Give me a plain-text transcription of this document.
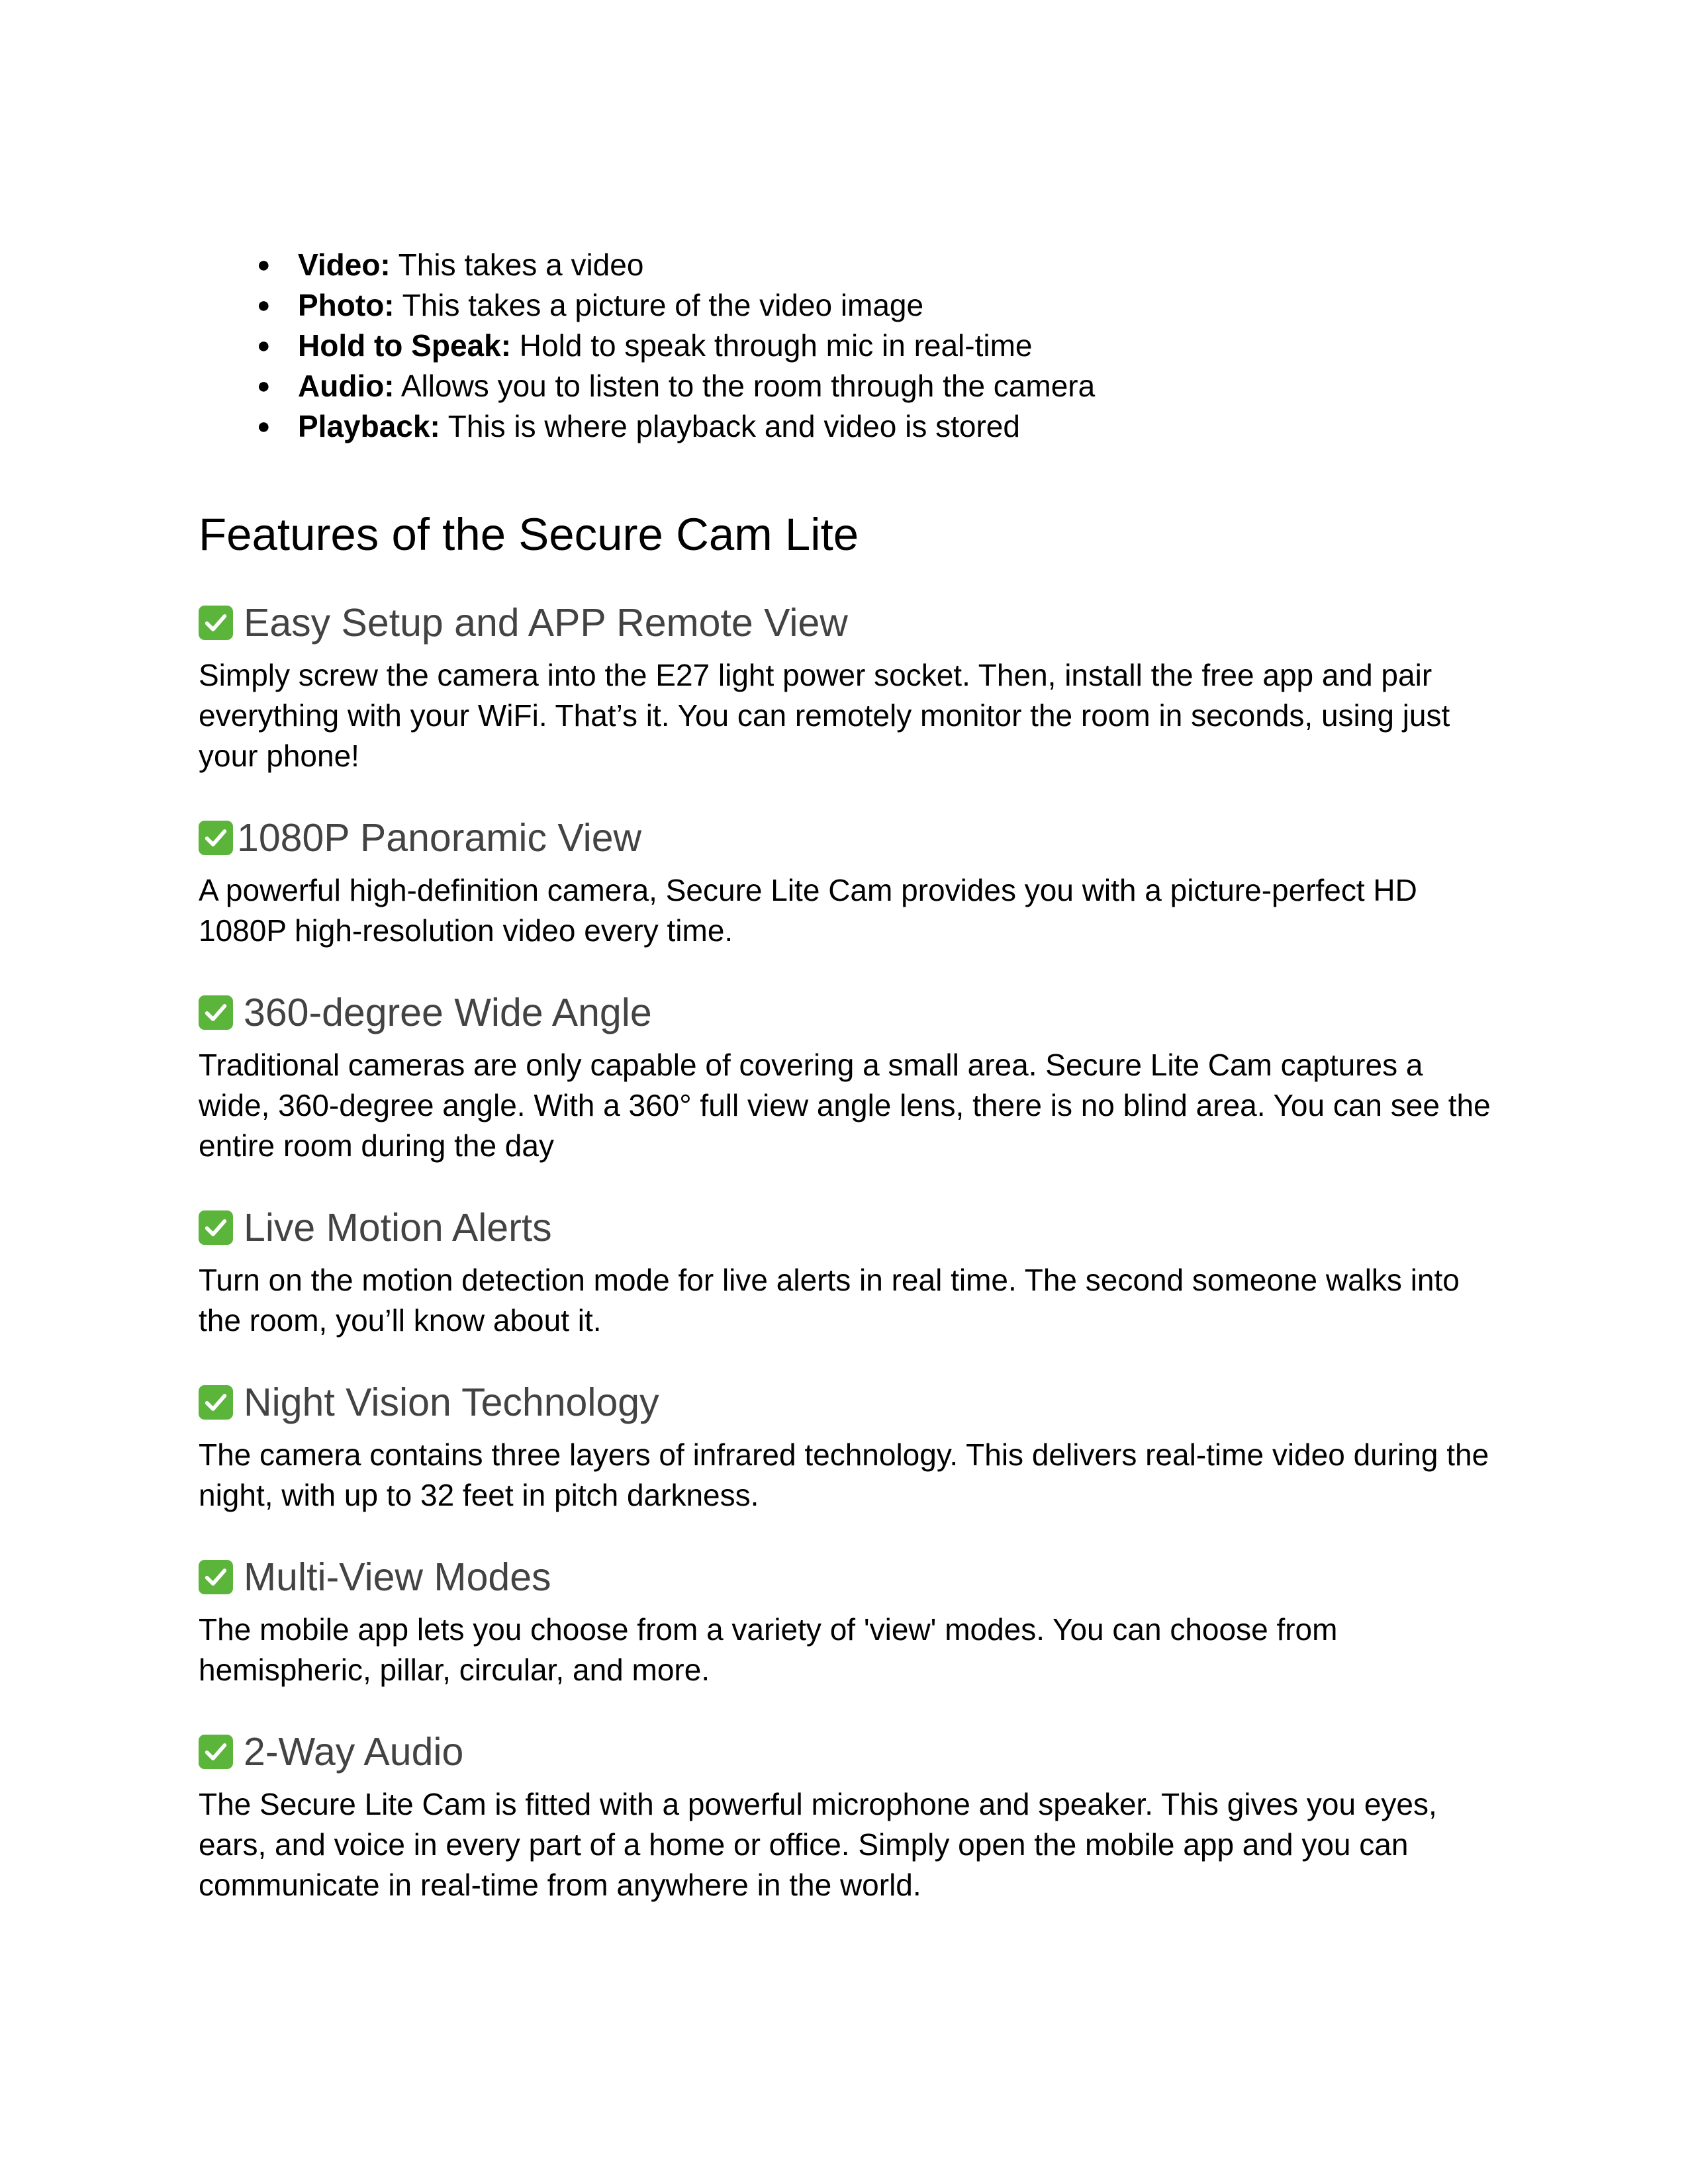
● Video: This takes a video
● Photo: This takes a picture of the video image
● Hold to Speak: Hold to speak through mic in real-time
● Audio: Allows you to listen to the room through the camera
● Playback: This is where playback and video is stored
Features of the Secure Cam Lite
Easy Setup and APP Remote View

Simply screw the camera into the E27 light power socket. Then, install the free app and pair everything with your WiFi. That’s it. You can remotely monitor the room in seconds, using just your phone!

1080P Panoramic View

A powerful high-definition camera, Secure Lite Cam provides you with a picture-perfect HD 1080P high-resolution video every time.

360-degree Wide Angle

Traditional cameras are only capable of covering a small area. Secure Lite Cam captures a wide, 360-degree angle. With a 360° full view angle lens, there is no blind area. You can see the entire room during the day

Live Motion Alerts

Turn on the motion detection mode for live alerts in real time. The second someone walks into the room, you’ll know about it.

Night Vision Technology

The camera contains three layers of infrared technology. This delivers real-time video during the night, with up to 32 feet in pitch darkness.

Multi-View Modes

The mobile app lets you choose from a variety of 'view' modes. You can choose from hemispheric, pillar, circular, and more.

2-Way Audio

The Secure Lite Cam is fitted with a powerful microphone and speaker. This gives you eyes, ears, and voice in every part of a home or office. Simply open the mobile app and you can communicate in real-time from anywhere in the world.
